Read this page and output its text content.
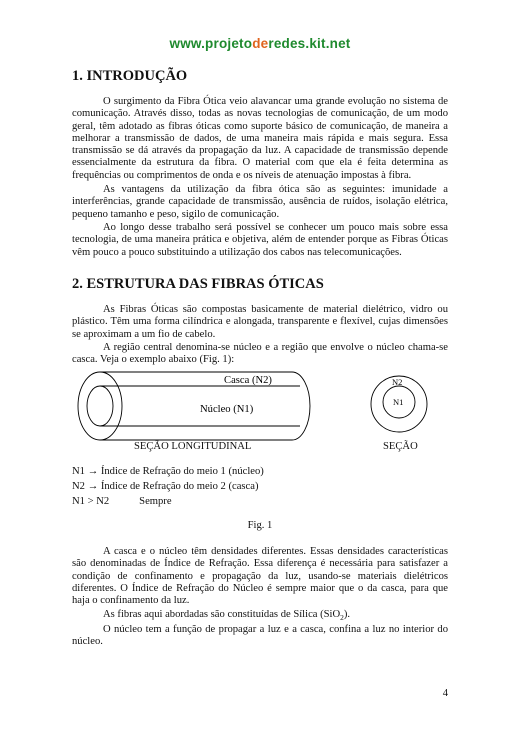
www.projetoderedes.kit.net
1. INTRODUÇÃO

O surgimento da Fibra Ótica veio alavancar uma grande evolução no sistema de comunicação. Através disso, todas as novas tecnologias de comunicação, de um modo geral, têm adotado as fibras óticas como suporte básico de comunicação, de maneira a melhorar a transmissão de dados, de uma maneira mais rápida e mais segura. Essa transmissão se dá através da propagação da luz. A capacidade de transmissão depende essencialmente da estrutura da fibra. O material com que ela é feita determina as frequências ou comprimentos de onda e os níveis de atenuação impostas à fibra.

As vantagens da utilização da fibra ótica são as seguintes: imunidade a interferências, grande capacidade de transmissão, ausência de ruídos, isolação elétrica, pequeno tamanho e peso, sigilo de comunicação.

Ao longo desse trabalho será possível se conhecer um pouco mais sobre essa tecnologia, de uma maneira prática e objetiva, além de entender porque as Fibras Óticas vêm pouco a pouco substituindo a utilização dos cabos nas telecomunicações.

2. ESTRUTURA DAS FIBRAS ÓTICAS

As Fibras Óticas são compostas basicamente de material dielétrico, vidro ou plástico. Têm uma forma cilíndrica e alongada, transparente e flexível, cujas dimensões se aproximam a um fio de cabelo.

A região central denomina-se núcleo e a região que envolve o núcleo chama-se casca. Veja o exemplo abaixo (Fig. 1):

Casca (N2)
Núcleo (N1)
N2
N1
SEÇÃO LONGITUDINAL	SEÇÃO

N1 → Índice de Refração do meio 1 (núcleo)

N2 → Índice de Refração do meio 2 (casca)

N1 > N2	Sempre

Fig. 1

A casca e o núcleo têm densidades diferentes. Essas densidades características são denominadas de Índice de Refração. Essa diferença é necessária para satisfazer a condição de confinamento e propagação da luz, usando-se materiais dielétricos diferentes. O Índice de Refração do Núcleo é sempre maior que o da casca, para que haja o confinamento da luz.

As fibras aqui abordadas são constituídas de Sílica (SiO$_2$).

O núcleo tem a função de propagar a luz e a casca, confina a luz no interior do núcleo.

4
